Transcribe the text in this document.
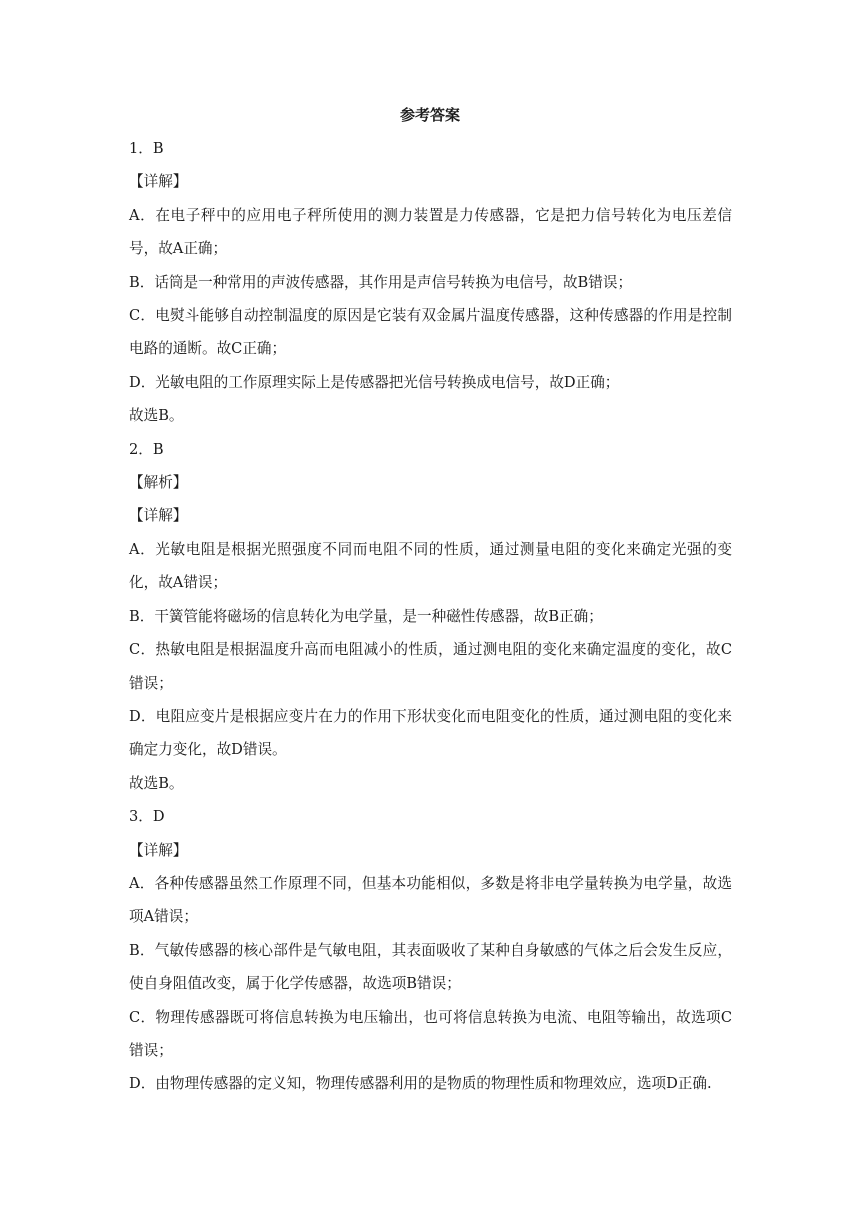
参考答案

1．B

【详解】

A．在电子秤中的应用电子秤所使用的测力装置是力传感器，它是把力信号转化为电压差信号，故A正确；

B．话筒是一种常用的声波传感器，其作用是声信号转换为电信号，故B错误；

C．电熨斗能够自动控制温度的原因是它装有双金属片温度传感器，这种传感器的作用是控制电路的通断。故C正确；

D．光敏电阻的工作原理实际上是传感器把光信号转换成电信号，故D正确；

故选B。

2．B

【解析】

【详解】

A．光敏电阻是根据光照强度不同而电阻不同的性质，通过测量电阻的变化来确定光强的变化，故A错误；

B．干簧管能将磁场的信息转化为电学量，是一种磁性传感器，故B正确；

C．热敏电阻是根据温度升高而电阻减小的性质，通过测电阻的变化来确定温度的变化，故C错误；

D．电阻应变片是根据应变片在力的作用下形状变化而电阻变化的性质，通过测电阻的变化来确定力变化，故D错误。

故选B。

3．D

【详解】

A．各种传感器虽然工作原理不同，但基本功能相似，多数是将非电学量转换为电学量，故选项A错误；

B．气敏传感器的核心部件是气敏电阻，其表面吸收了某种自身敏感的气体之后会发生反应，使自身阻值改变，属于化学传感器，故选项B错误；

C．物理传感器既可将信息转换为电压输出，也可将信息转换为电流、电阻等输出，故选项C错误；

D．由物理传感器的定义知，物理传感器利用的是物质的物理性质和物理效应，选项D正确.
